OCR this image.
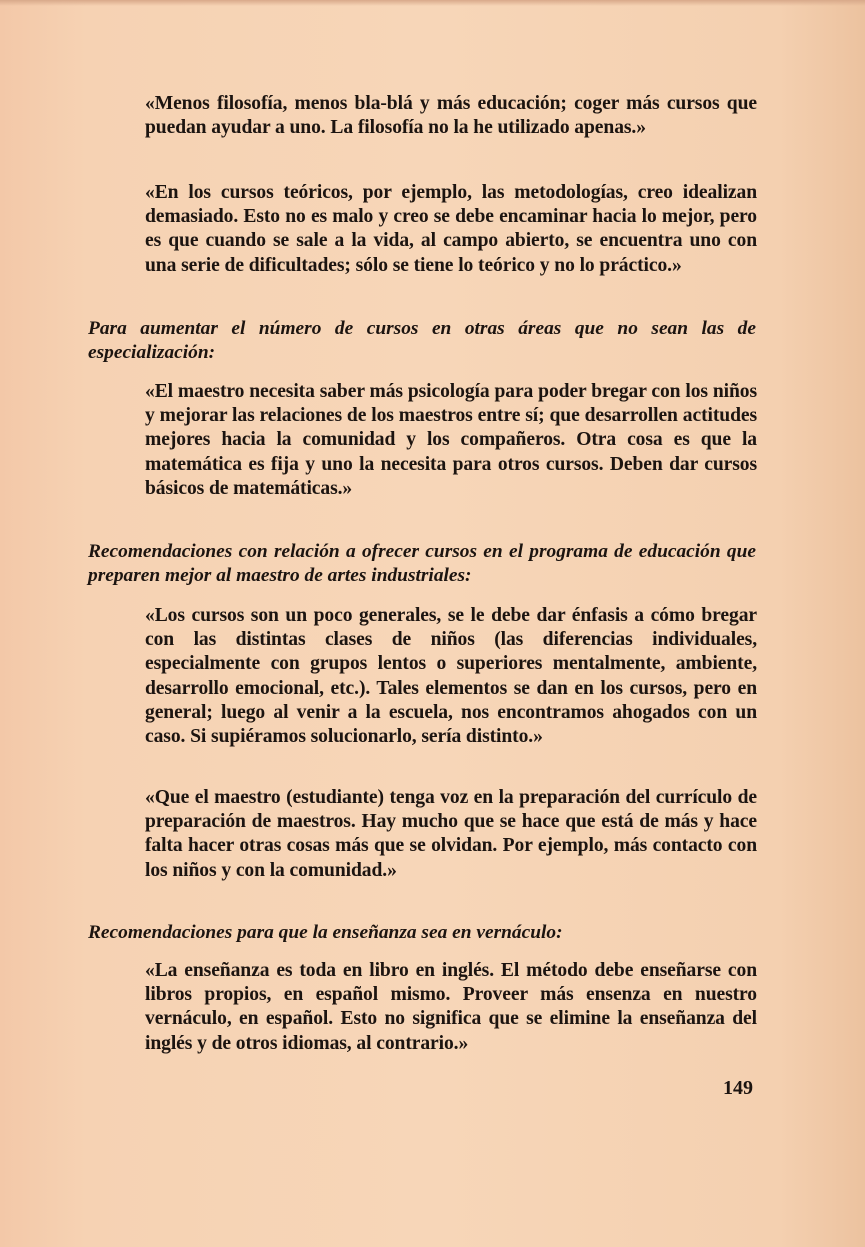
«Menos filosofía, menos bla-blá y más educación; coger más cursos que puedan ayudar a uno. La filosofía no la he utilizado apenas.»
«En los cursos teóricos, por ejemplo, las metodologías, creo idealizan demasiado. Esto no es malo y creo se debe encaminar hacia lo mejor, pero es que cuando se sale a la vida, al campo abierto, se encuentra uno con una serie de dificultades; sólo se tiene lo teórico y no lo práctico.»
Para aumentar el número de cursos en otras áreas que no sean las de especialización:
«El maestro necesita saber más psicología para poder bregar con los niños y mejorar las relaciones de los maestros entre sí; que desarrollen actitudes mejores hacia la comunidad y los compañeros. Otra cosa es que la matemática es fija y uno la necesita para otros cursos. Deben dar cursos básicos de matemáticas.»
Recomendaciones con relación a ofrecer cursos en el programa de educación que preparen mejor al maestro de artes industriales:
«Los cursos son un poco generales, se le debe dar énfasis a cómo bregar con las distintas clases de niños (las diferencias individuales, especialmente con grupos lentos o superiores mentalmente, ambiente, desarrollo emocional, etc.). Tales elementos se dan en los cursos, pero en general; luego al venir a la escuela, nos encontramos ahogados con un caso. Si supiéramos solucionarlo, sería distinto.»
«Que el maestro (estudiante) tenga voz en la preparación del currículo de preparación de maestros. Hay mucho que se hace que está de más y hace falta hacer otras cosas más que se olvidan. Por ejemplo, más contacto con los niños y con la comunidad.»
Recomendaciones para que la enseñanza sea en vernáculo:
«La enseñanza es toda en libro en inglés. El método debe enseñarse con libros propios, en español mismo. Proveer más ensenza en nuestro vernáculo, en español. Esto no significa que se elimine la enseñanza del inglés y de otros idiomas, al contrario.»
149
